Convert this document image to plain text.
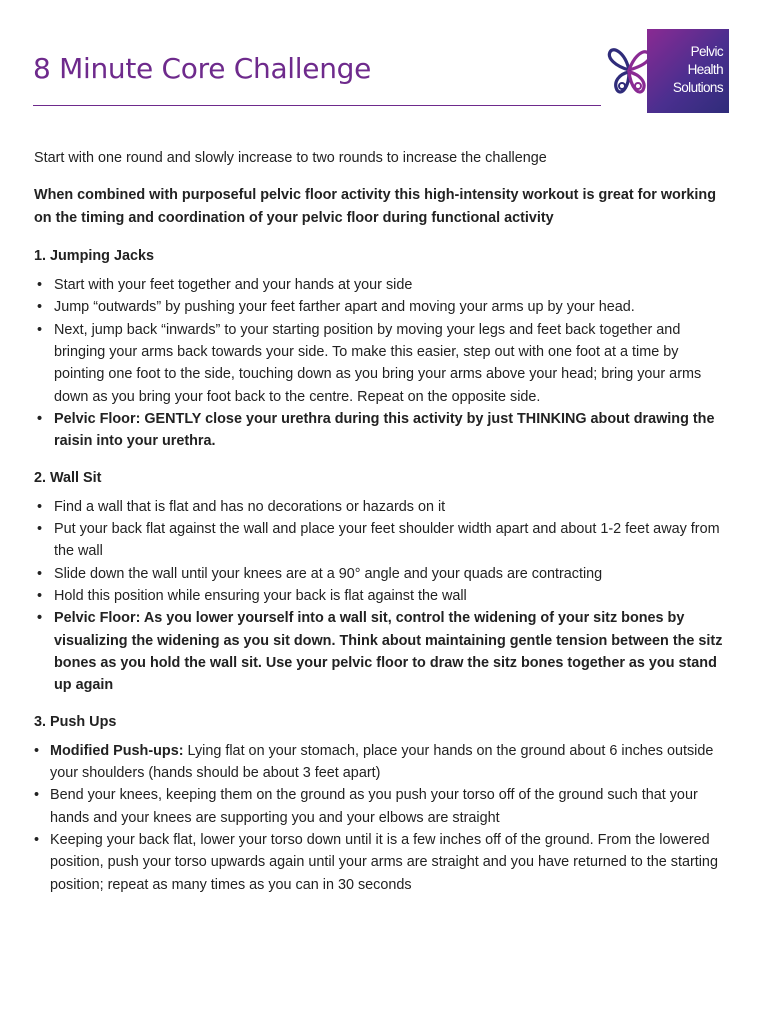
8 Minute Core Challenge
Pelvic
Health
Solutions

Start with one round and slowly increase to two rounds to increase the challenge

When combined with purposeful pelvic floor activity this high-intensity workout is great for working on the timing and coordination of your pelvic floor during functional activity

1. Jumping Jacks

• Start with your feet together and your hands at your side
• Jump “outwards” by pushing your feet farther apart and moving your arms up by your head.
• Next, jump back “inwards” to your starting position by moving your legs and feet back together and bringing your arms back towards your side. To make this easier, step out with one foot at a time by pointing one foot to the side, touching down as you bring your arms above your head; bring your arms down as you bring your foot back to the centre. Repeat on the opposite side.
• Pelvic Floor: GENTLY close your urethra during this activity by just THINKING about drawing the raisin into your urethra.

2. Wall Sit

• Find a wall that is flat and has no decorations or hazards on it
• Put your back flat against the wall and place your feet shoulder width apart and about 1-2 feet away from the wall
• Slide down the wall until your knees are at a 90° angle and your quads are contracting
• Hold this position while ensuring your back is flat against the wall
• Pelvic Floor: As you lower yourself into a wall sit, control the widening of your sitz bones by visualizing the widening as you sit down. Think about maintaining gentle tension between the sitz bones as you hold the wall sit. Use your pelvic floor to draw the sitz bones together as you stand up again

3. Push Ups

• Modified Push-ups: Lying flat on your stomach, place your hands on the ground about 6 inches outside your shoulders (hands should be about 3 feet apart)
• Bend your knees, keeping them on the ground as you push your torso off of the ground such that your hands and your knees are supporting you and your elbows are straight
• Keeping your back flat, lower your torso down until it is a few inches off of the ground. From the lowered position, push your torso upwards again until your arms are straight and you have returned to the starting position; repeat as many times as you can in 30 seconds
